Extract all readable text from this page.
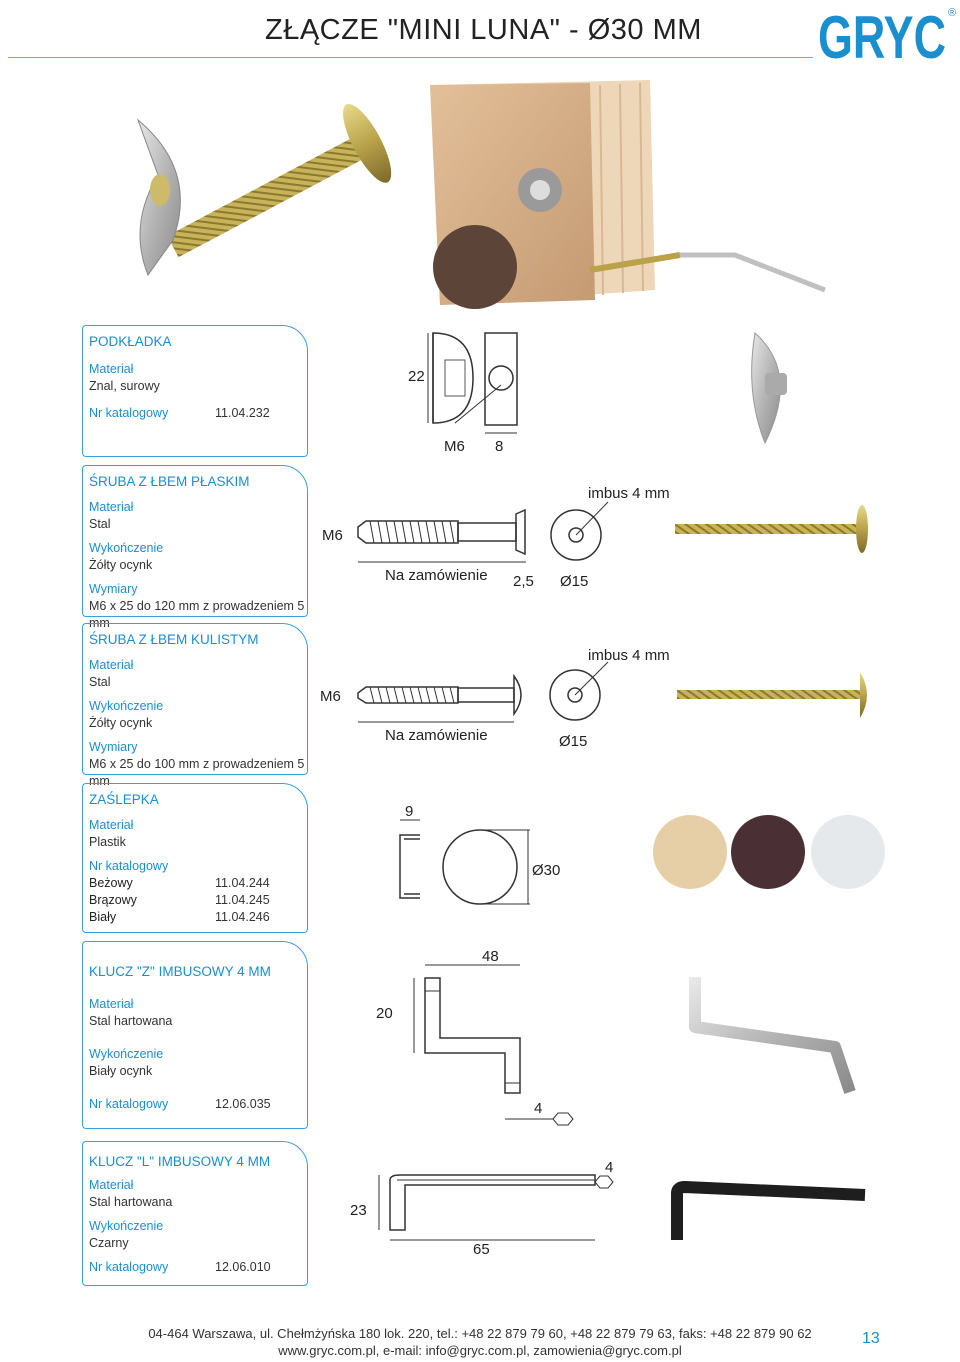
ZŁĄCZE "MINI LUNA" - Ø30 MM GRYC ®
PODKŁADKA
Materiał
Znal, surowy
Nr katalogowy	11.04.232
22
M6 8
ŚRUBA Z ŁBEM PŁASKIM
Materiał
Stal
Wykończenie
Żółty ocynk
Wymiary
M6 x 25 do 120 mm z prowadzeniem 5 mm
M6
Na zamówienie 2,5 Ø15
imbus 4 mm
ŚRUBA Z ŁBEM KULISTYM
Materiał
Stal
Wykończenie
Żółty ocynk
Wymiary
M6 x 25 do 100 mm z prowadzeniem 5 mm
M6
Na zamówienie	Ø15
imbus 4 mm
ZAŚLEPKA
Materiał
Plastik
Nr katalogowy
Beżowy	11.04.244
Brązowy	11.04.245
Biały	11.04.246
9
Ø30
KLUCZ "Z" IMBUSOWY 4 MM
Materiał
Stal hartowana
Wykończenie
Biały ocynk
Nr katalogowy	12.06.035
48
20
4
KLUCZ "L" IMBUSOWY 4 MM
Materiał
Stal hartowana
Wykończenie
Czarny
Nr katalogowy	12.06.010
23
65
4
04-464 Warszawa, ul. Chełmżyńska 180 lok. 220, tel.: +48 22 879 79 60, +48 22 879 79 63, faks: +48 22 879 90 62
www.gryc.com.pl, e-mail: info@gryc.com.pl, zamowienia@gryc.com.pl
13
